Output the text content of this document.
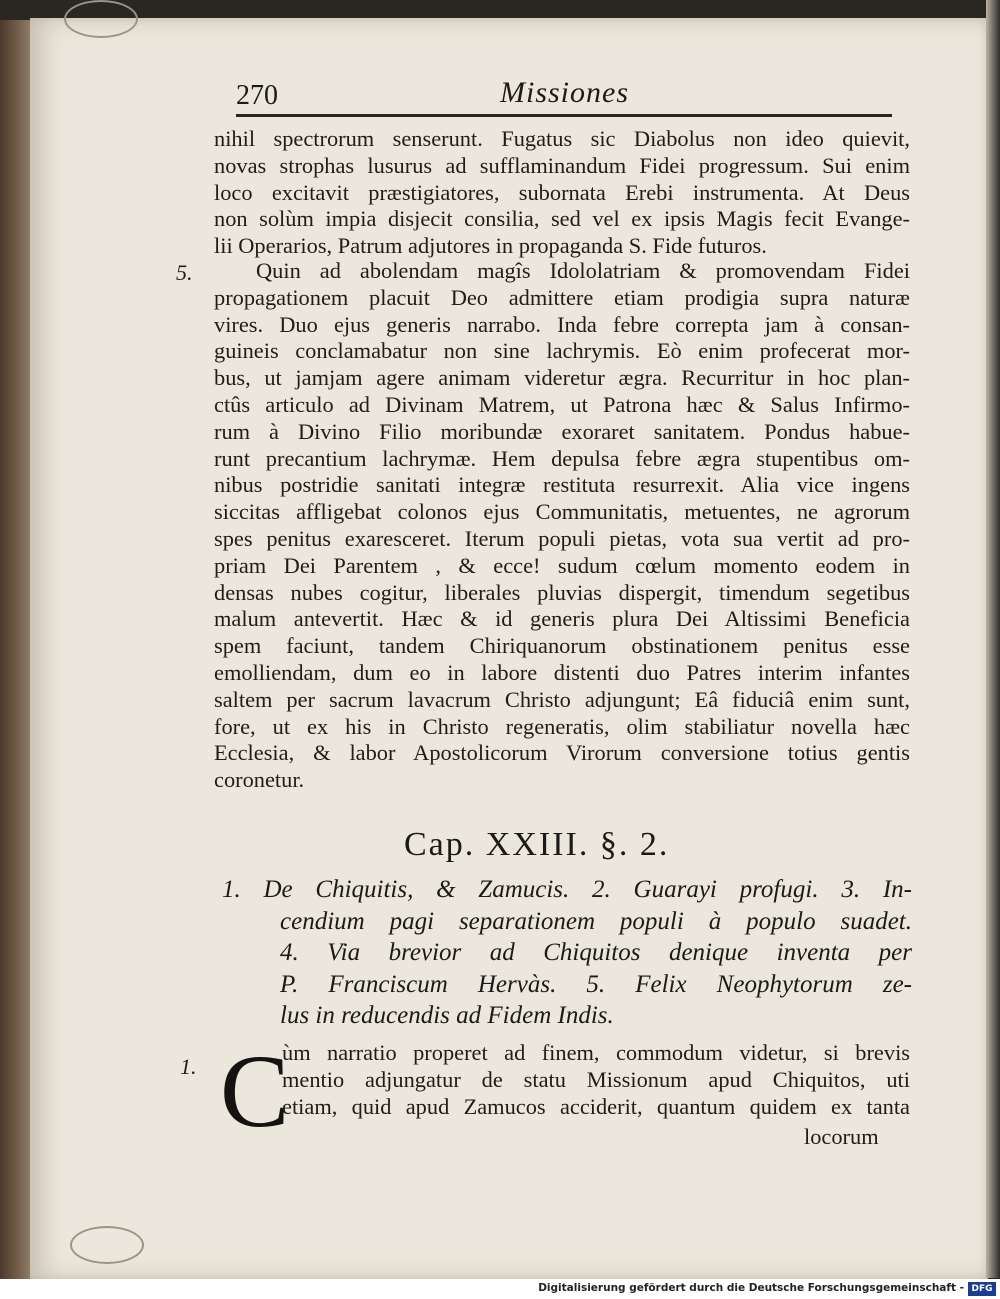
270	Missiones
nihil spectrorum senserunt. Fugatus sic Diabolus non ideo quievit,
novas strophas lusurus ad sufflaminandum Fidei progressum. Sui enim
loco excitavit præstigiatores, subornata Erebi instrumenta. At Deus
non solùm impia disjecit consilia, sed vel ex ipsis Magis fecit Evange-
lii Operarios, Patrum adjutores in propaganda S. Fide futuros.
5.	Quin ad abolendam magîs Idololatriam & promovendam Fidei
propagationem placuit Deo admittere etiam prodigia supra naturæ
vires. Duo ejus generis narrabo. Inda febre correpta jam à consan-
guineis conclamabatur non sine lachrymis. Eò enim profecerat mor-
bus, ut jamjam agere animam videretur ægra. Recurritur in hoc plan-
ctûs articulo ad Divinam Matrem, ut Patrona hæc & Salus Infirmo-
rum à Divino Filio moribundæ exoraret sanitatem. Pondus habue-
runt precantium lachrymæ. Hem depulsa febre ægra stupentibus om-
nibus postridie sanitati integræ restituta resurrexit. Alia vice ingens
siccitas affligebat colonos ejus Communitatis, metuentes, ne agrorum
spes penitus exaresceret. Iterum populi pietas, vota sua vertit ad pro-
priam Dei Parentem , & ecce! sudum cœlum momento eodem in
densas nubes cogitur, liberales pluvias dispergit, timendum segetibus
malum antevertit. Hæc & id generis plura Dei Altissimi Beneficia
spem faciunt, tandem Chiriquanorum obstinationem penitus esse
emolliendam, dum eo in labore distenti duo Patres interim infantes
saltem per sacrum lavacrum Christo adjungunt; Eâ fiduciâ enim sunt,
fore, ut ex his in Christo regeneratis, olim stabiliatur novella hæc
Ecclesia, & labor Apostolicorum Virorum conversione totius gentis
coronetur.
Cap. XXIII. §. 2.
1. De Chiquitis, & Zamucis. 2. Guarayi profugi. 3. In-
cendium pagi separationem populi à populo suadet.
4. Via brevior ad Chiquitos denique inventa per
P. Franciscum Hervàs. 5. Felix Neophytorum ze-
lus in reducendis ad Fidem Indis.
1. C
ùm narratio properet ad finem, commodum videtur, si brevis
mentio adjungatur de statu Missionum apud Chiquitos, uti
etiam, quid apud Zamucos acciderit, quantum quidem ex tanta
locorum
Digitalisierung gefördert durch die Deutsche Forschungsgemeinschaft - DFG
